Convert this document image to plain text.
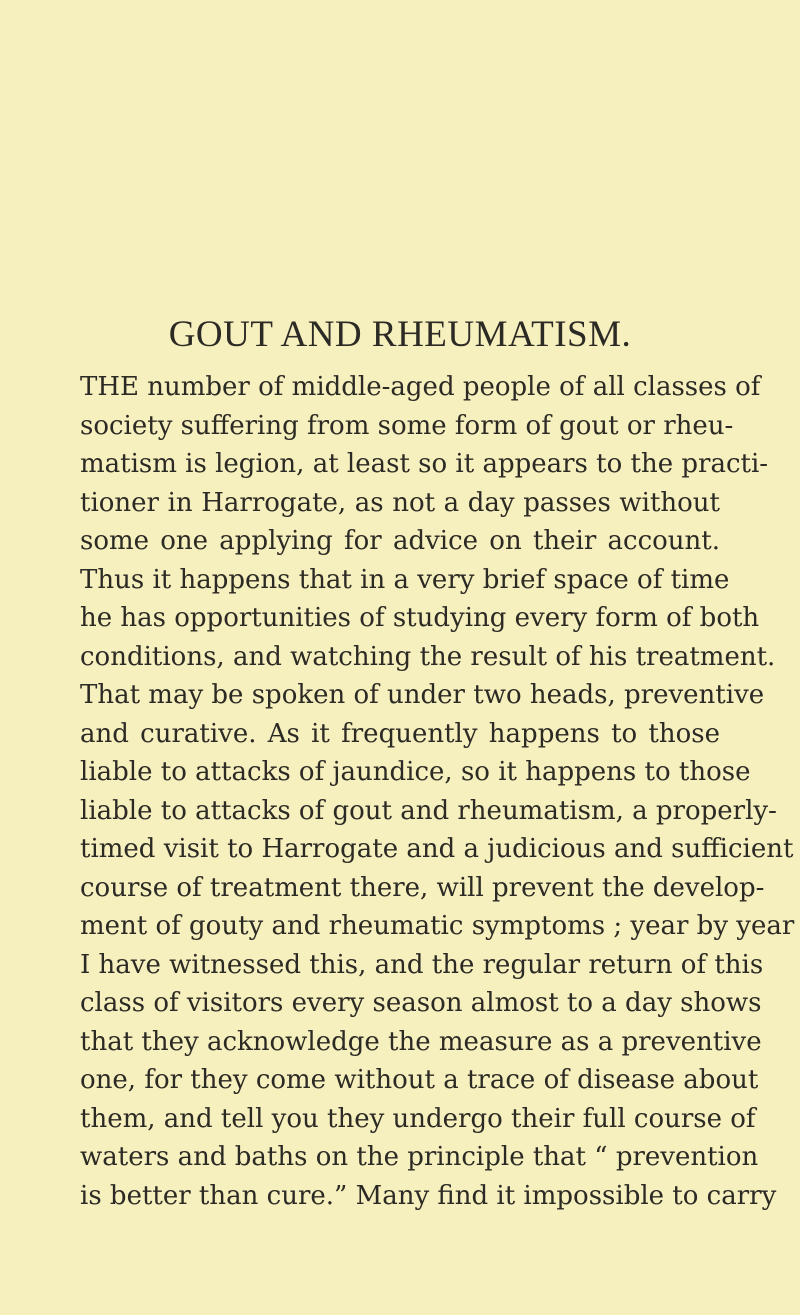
GOUT AND RHEUMATISM.
THE number of middle-aged people of all classes of
society suffering from some form of gout or rheu-
matism is legion, at least so it appears to the practi-
tioner in Harrogate, as not a day passes without
some one applying for advice on their account.
Thus it happens that in a very brief space of time
he has opportunities of studying every form of both
conditions, and watching the result of his treatment.
That may be spoken of under two heads, preventive
and curative. As it frequently happens to those
liable to attacks of jaundice, so it happens to those
liable to attacks of gout and rheumatism, a properly-
timed visit to Harrogate and a judicious and sufficient
course of treatment there, will prevent the develop-
ment of gouty and rheumatic symptoms ; year by year
I have witnessed this, and the regular return of this
class of visitors every season almost to a day shows
that they acknowledge the measure as a preventive
one, for they come without a trace of disease about
them, and tell you they undergo their full course of
waters and baths on the principle that “ prevention
is better than cure.” Many find it impossible to carry
